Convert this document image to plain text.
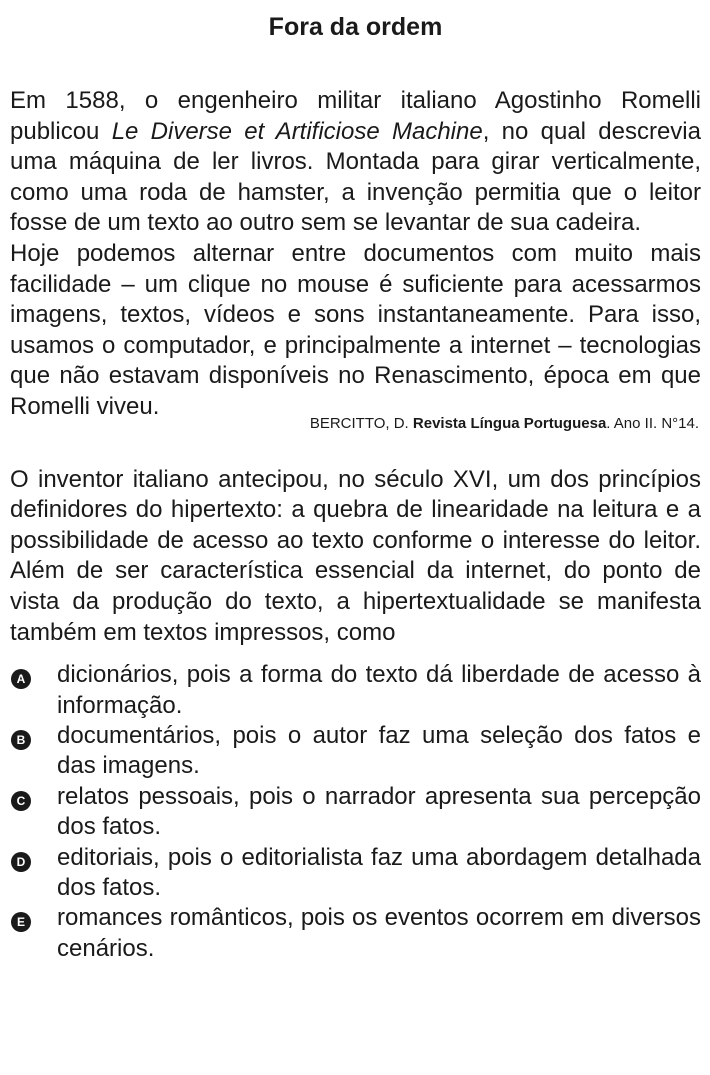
Fora da ordem

Em 1588, o engenheiro militar italiano Agostinho Romelli publicou Le Diverse et Artificiose Machine, no qual descrevia uma máquina de ler livros. Montada para girar verticalmente, como uma roda de hamster, a invenção permitia que o leitor fosse de um texto ao outro sem se levantar de sua cadeira.

Hoje podemos alternar entre documentos com muito mais facilidade – um clique no mouse é suficiente para acessarmos imagens, textos, vídeos e sons instantaneamente. Para isso, usamos o computador, e principalmente a internet – tecnologias que não estavam disponíveis no Renascimento, época em que Romelli viveu.

BERCITTO, D. Revista Língua Portuguesa. Ano II. N°14.

O inventor italiano antecipou, no século XVI, um dos princípios definidores do hipertexto: a quebra de linearidade na leitura e a possibilidade de acesso ao texto conforme o interesse do leitor. Além de ser característica essencial da internet, do ponto de vista da produção do texto, a hipertextualidade se manifesta também em textos impressos, como

A dicionários, pois a forma do texto dá liberdade de acesso à informação.
B documentários, pois o autor faz uma seleção dos fatos e das imagens.
C relatos pessoais, pois o narrador apresenta sua percepção dos fatos.
D editoriais, pois o editorialista faz uma abordagem detalhada dos fatos.
E romances românticos, pois os eventos ocorrem em diversos cenários.
